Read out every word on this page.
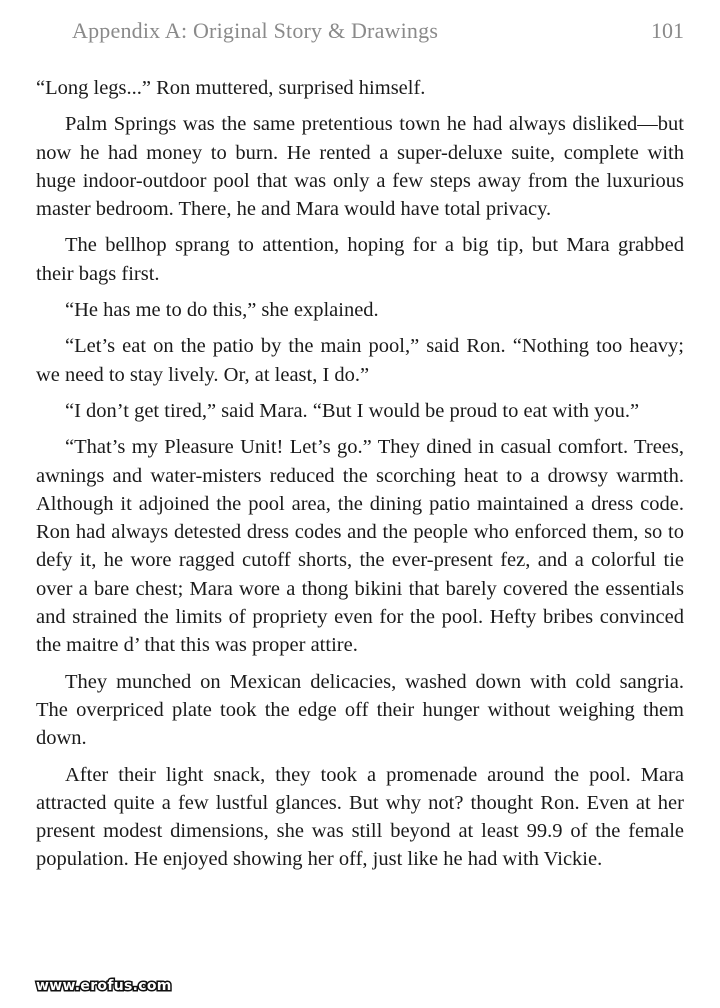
Appendix A: Original Story & Drawings	101

“Long legs...” Ron muttered, surprised himself.

Palm Springs was the same pretentious town he had always disliked—but now he had money to burn. He rented a super-deluxe suite, complete with huge indoor-outdoor pool that was only a few steps away from the luxurious master bedroom. There, he and Mara would have total privacy.

The bellhop sprang to attention, hoping for a big tip, but Mara grabbed their bags first.

“He has me to do this,” she explained.

“Let’s eat on the patio by the main pool,” said Ron. “Nothing too heavy; we need to stay lively. Or, at least, I do.”

“I don’t get tired,” said Mara. “But I would be proud to eat with you.”

“That’s my Pleasure Unit! Let’s go.” They dined in casual comfort. Trees, awnings and water-misters reduced the scorching heat to a drowsy warmth. Although it adjoined the pool area, the dining patio maintained a dress code. Ron had always detested dress codes and the people who enforced them, so to defy it, he wore ragged cutoff shorts, the ever-present fez, and a colorful tie over a bare chest; Mara wore a thong bikini that barely covered the essentials and strained the limits of propriety even for the pool. Hefty bribes convinced the maitre d’ that this was proper attire.

They munched on Mexican delicacies, washed down with cold sangria. The overpriced plate took the edge off their hunger without weighing them down.

After their light snack, they took a promenade around the pool. Mara attracted quite a few lustful glances. But why not? thought Ron. Even at her present modest dimensions, she was still beyond at least 99.9 of the female population. He enjoyed showing her off, just like he had with Vickie.

www.erofus.com
